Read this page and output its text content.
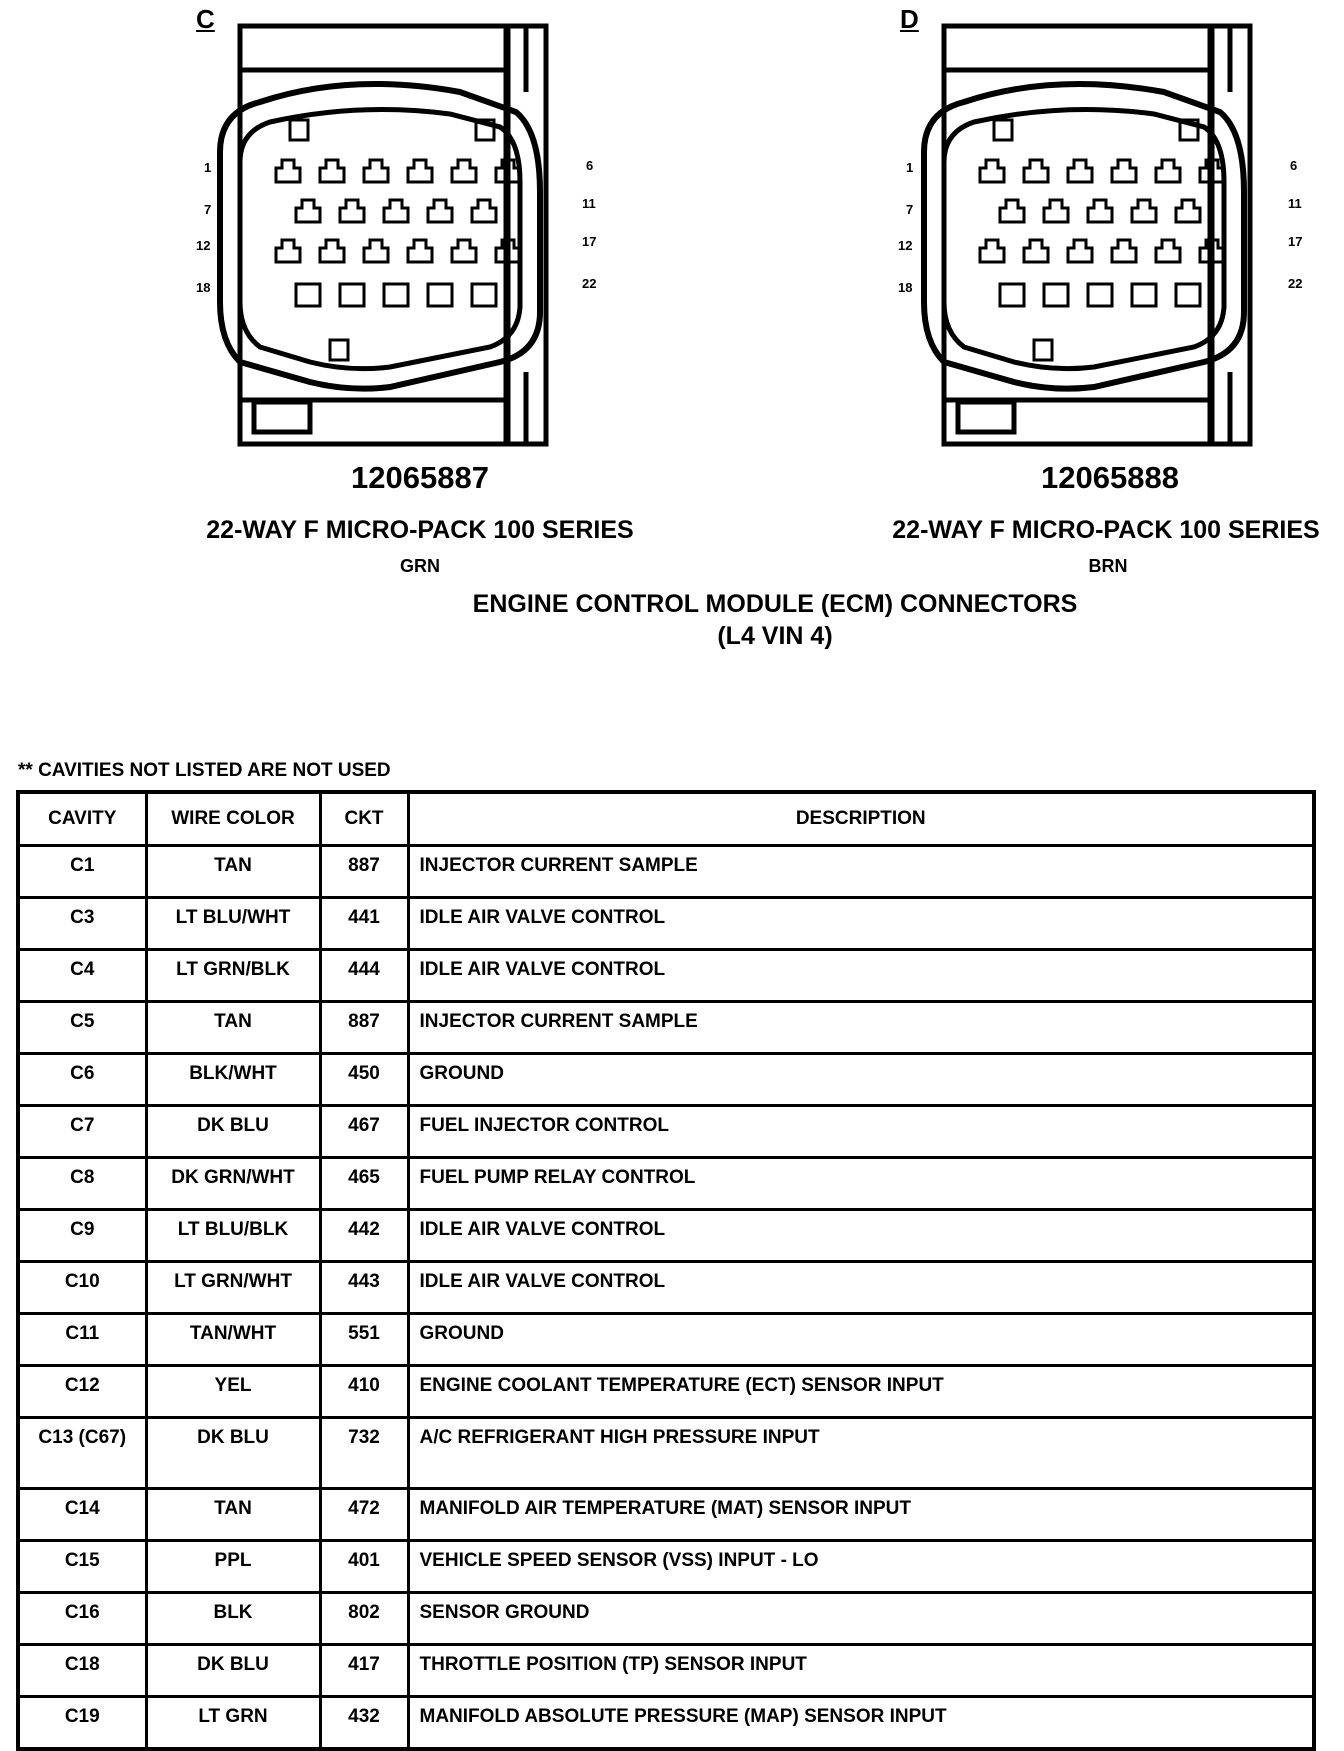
C
1
7
12
18
6
11
17
22
12065887
22-WAY F MICRO-PACK 100 SERIES
GRN
D
1
7
12
18
6
11
17
22
12065888
22-WAY F MICRO-PACK 100 SERIES
BRN
ENGINE CONTROL MODULE (ECM) CONNECTORS
(L4 VIN 4)
** CAVITIES NOT LISTED ARE NOT USED
CAVITY	WIRE COLOR	CKT	DESCRIPTION
C1	TAN	887	INJECTOR CURRENT SAMPLE
C3	LT BLU/WHT	441	IDLE AIR VALVE CONTROL
C4	LT GRN/BLK	444	IDLE AIR VALVE CONTROL
C5	TAN	887	INJECTOR CURRENT SAMPLE
C6	BLK/WHT	450	GROUND
C7	DK BLU	467	FUEL INJECTOR CONTROL
C8	DK GRN/WHT	465	FUEL PUMP RELAY CONTROL
C9	LT BLU/BLK	442	IDLE AIR VALVE CONTROL
C10	LT GRN/WHT	443	IDLE AIR VALVE CONTROL
C11	TAN/WHT	551	GROUND
C12	YEL	410	ENGINE COOLANT TEMPERATURE (ECT) SENSOR INPUT
C13 (C67)	DK BLU	732	A/C REFRIGERANT HIGH PRESSURE INPUT
C14	TAN	472	MANIFOLD AIR TEMPERATURE (MAT) SENSOR INPUT
C15	PPL	401	VEHICLE SPEED SENSOR (VSS) INPUT - LO
C16	BLK	802	SENSOR GROUND
C18	DK BLU	417	THROTTLE POSITION (TP) SENSOR INPUT
C19	LT GRN	432	MANIFOLD ABSOLUTE PRESSURE (MAP) SENSOR INPUT
